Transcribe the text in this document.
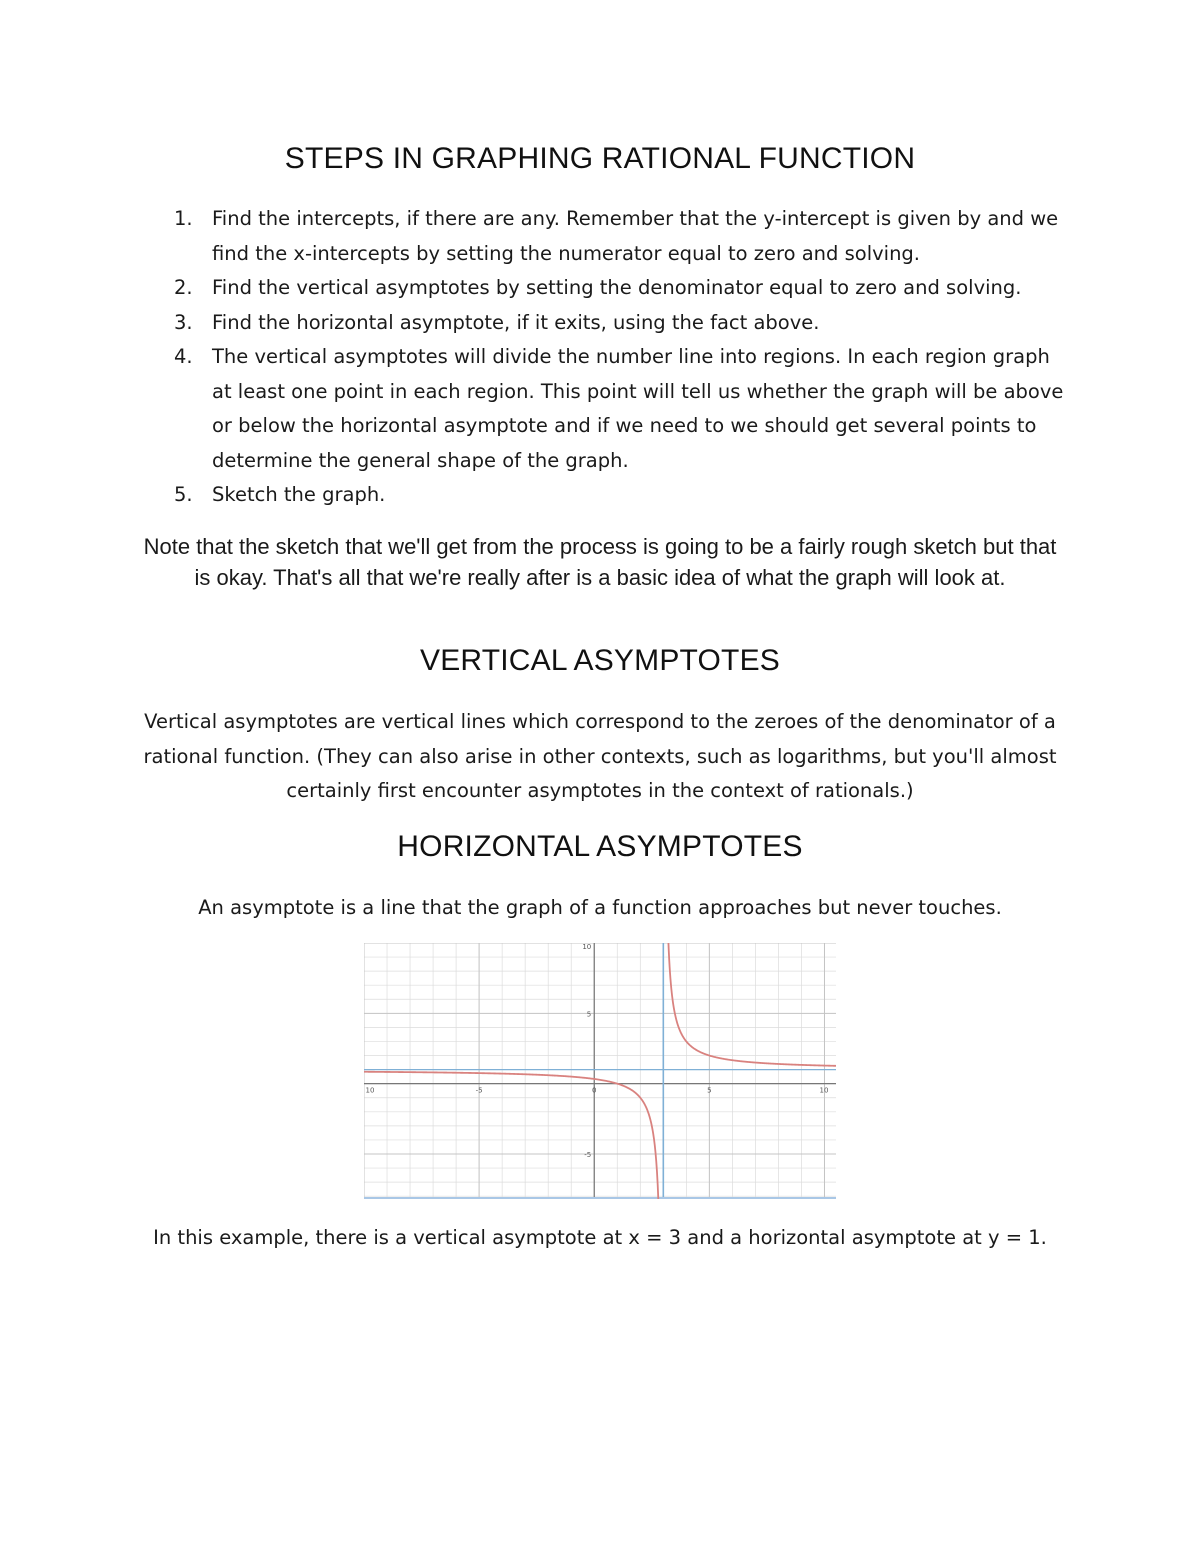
STEPS IN GRAPHING RATIONAL FUNCTION
1. Find the intercepts, if there are any. Remember that the y-intercept is given by and we find the x-intercepts by setting the numerator equal to zero and solving.
2. Find the vertical asymptotes by setting the denominator equal to zero and solving.
3. Find the horizontal asymptote, if it exits, using the fact above.
4. The vertical asymptotes will divide the number line into regions. In each region graph at least one point in each region. This point will tell us whether the graph will be above or below the horizontal asymptote and if we need to we should get several points to determine the general shape of the graph.
5. Sketch the graph.

Note that the sketch that we'll get from the process is going to be a fairly rough sketch but that is okay. That's all that we're really after is a basic idea of what the graph will look at.

VERTICAL ASYMPTOTES

Vertical asymptotes are vertical lines which correspond to the zeroes of the denominator of a rational function. (They can also arise in other contexts, such as logarithms, but you'll almost certainly first encounter asymptotes in the context of rationals.)

HORIZONTAL ASYMPTOTES

An asymptote is a line that the graph of a function approaches but never touches.

10	-5	0	5	10
10
5
-5

In this example, there is a vertical asymptote at x = 3 and a horizontal asymptote at y = 1.
